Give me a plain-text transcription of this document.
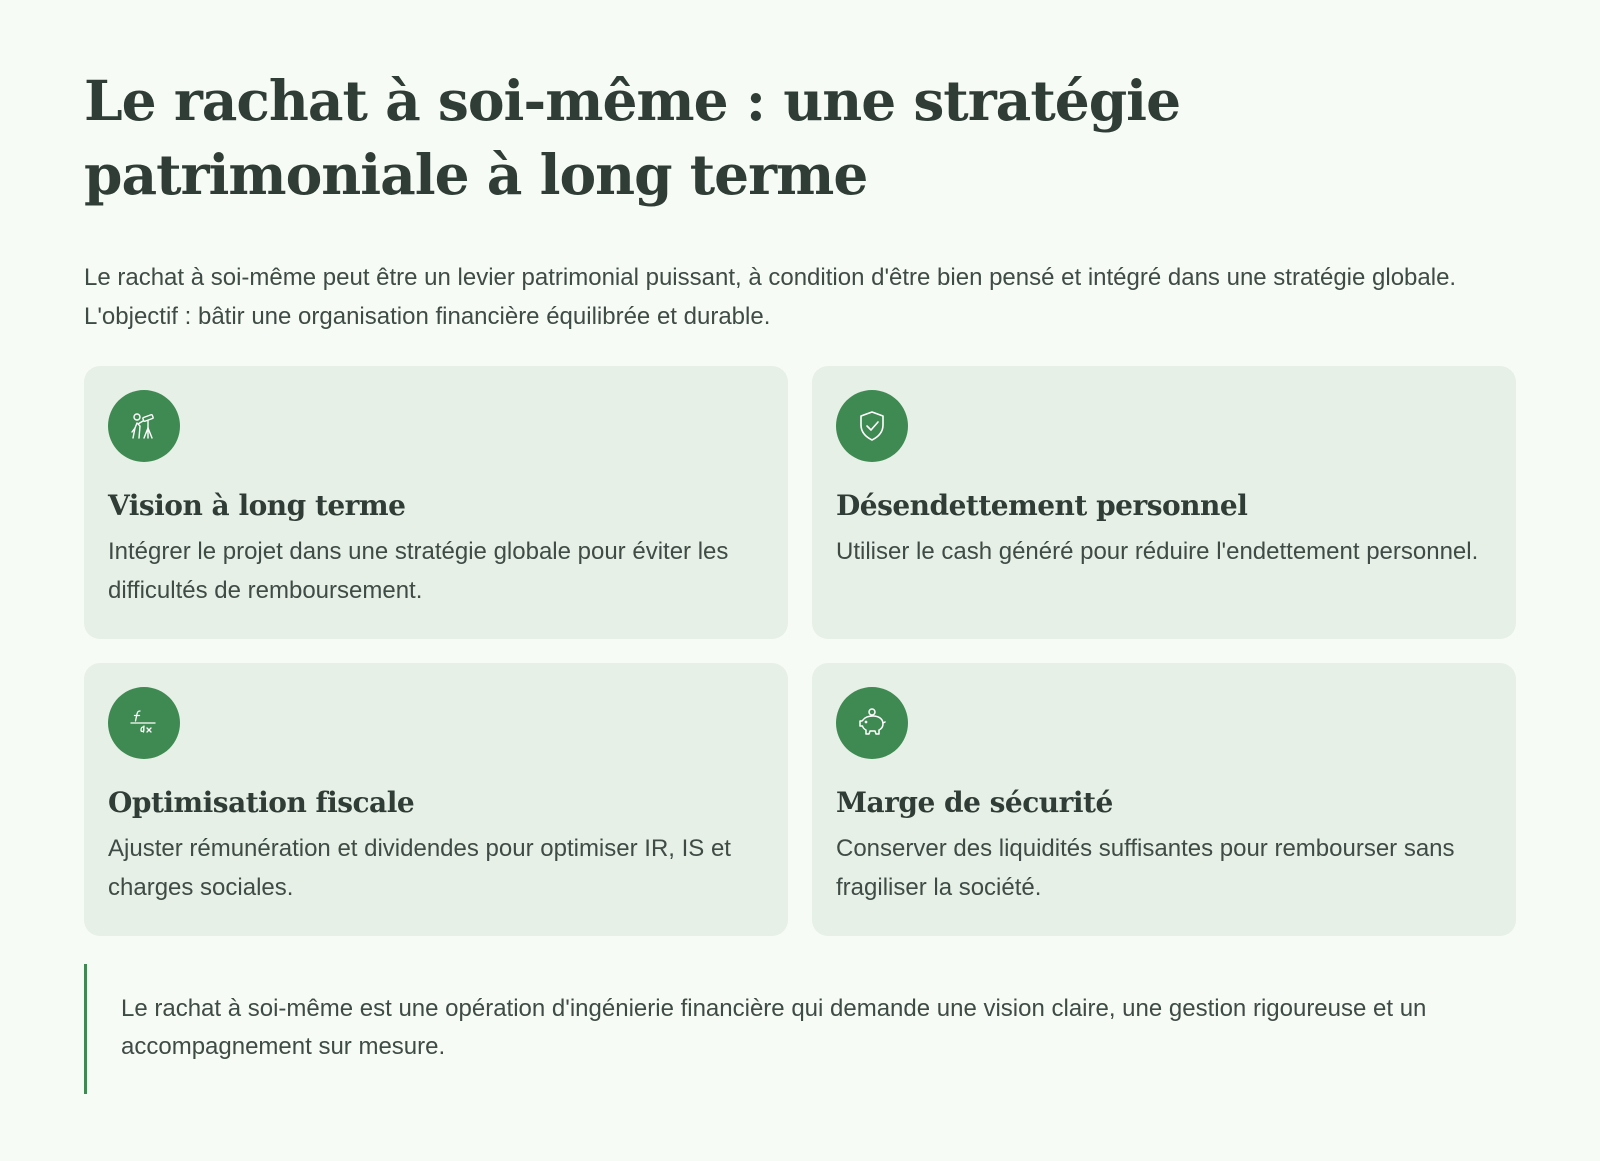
Le rachat à soi-même : une stratégie patrimoniale à long terme

Le rachat à soi-même peut être un levier patrimonial puissant, à condition d'être bien pensé et intégré dans une stratégie globale. L'objectif : bâtir une organisation financière équilibrée et durable.

Vision à long terme

Intégrer le projet dans une stratégie globale pour éviter les difficultés de remboursement.

Désendettement personnel

Utiliser le cash généré pour réduire l'endettement personnel.

Optimisation fiscale

Ajuster rémunération et dividendes pour optimiser IR, IS et charges sociales.

Marge de sécurité

Conserver des liquidités suffisantes pour rembourser sans fragiliser la société.

Le rachat à soi-même est une opération d'ingénierie financière qui demande une vision claire, une gestion rigoureuse et un accompagnement sur mesure.
